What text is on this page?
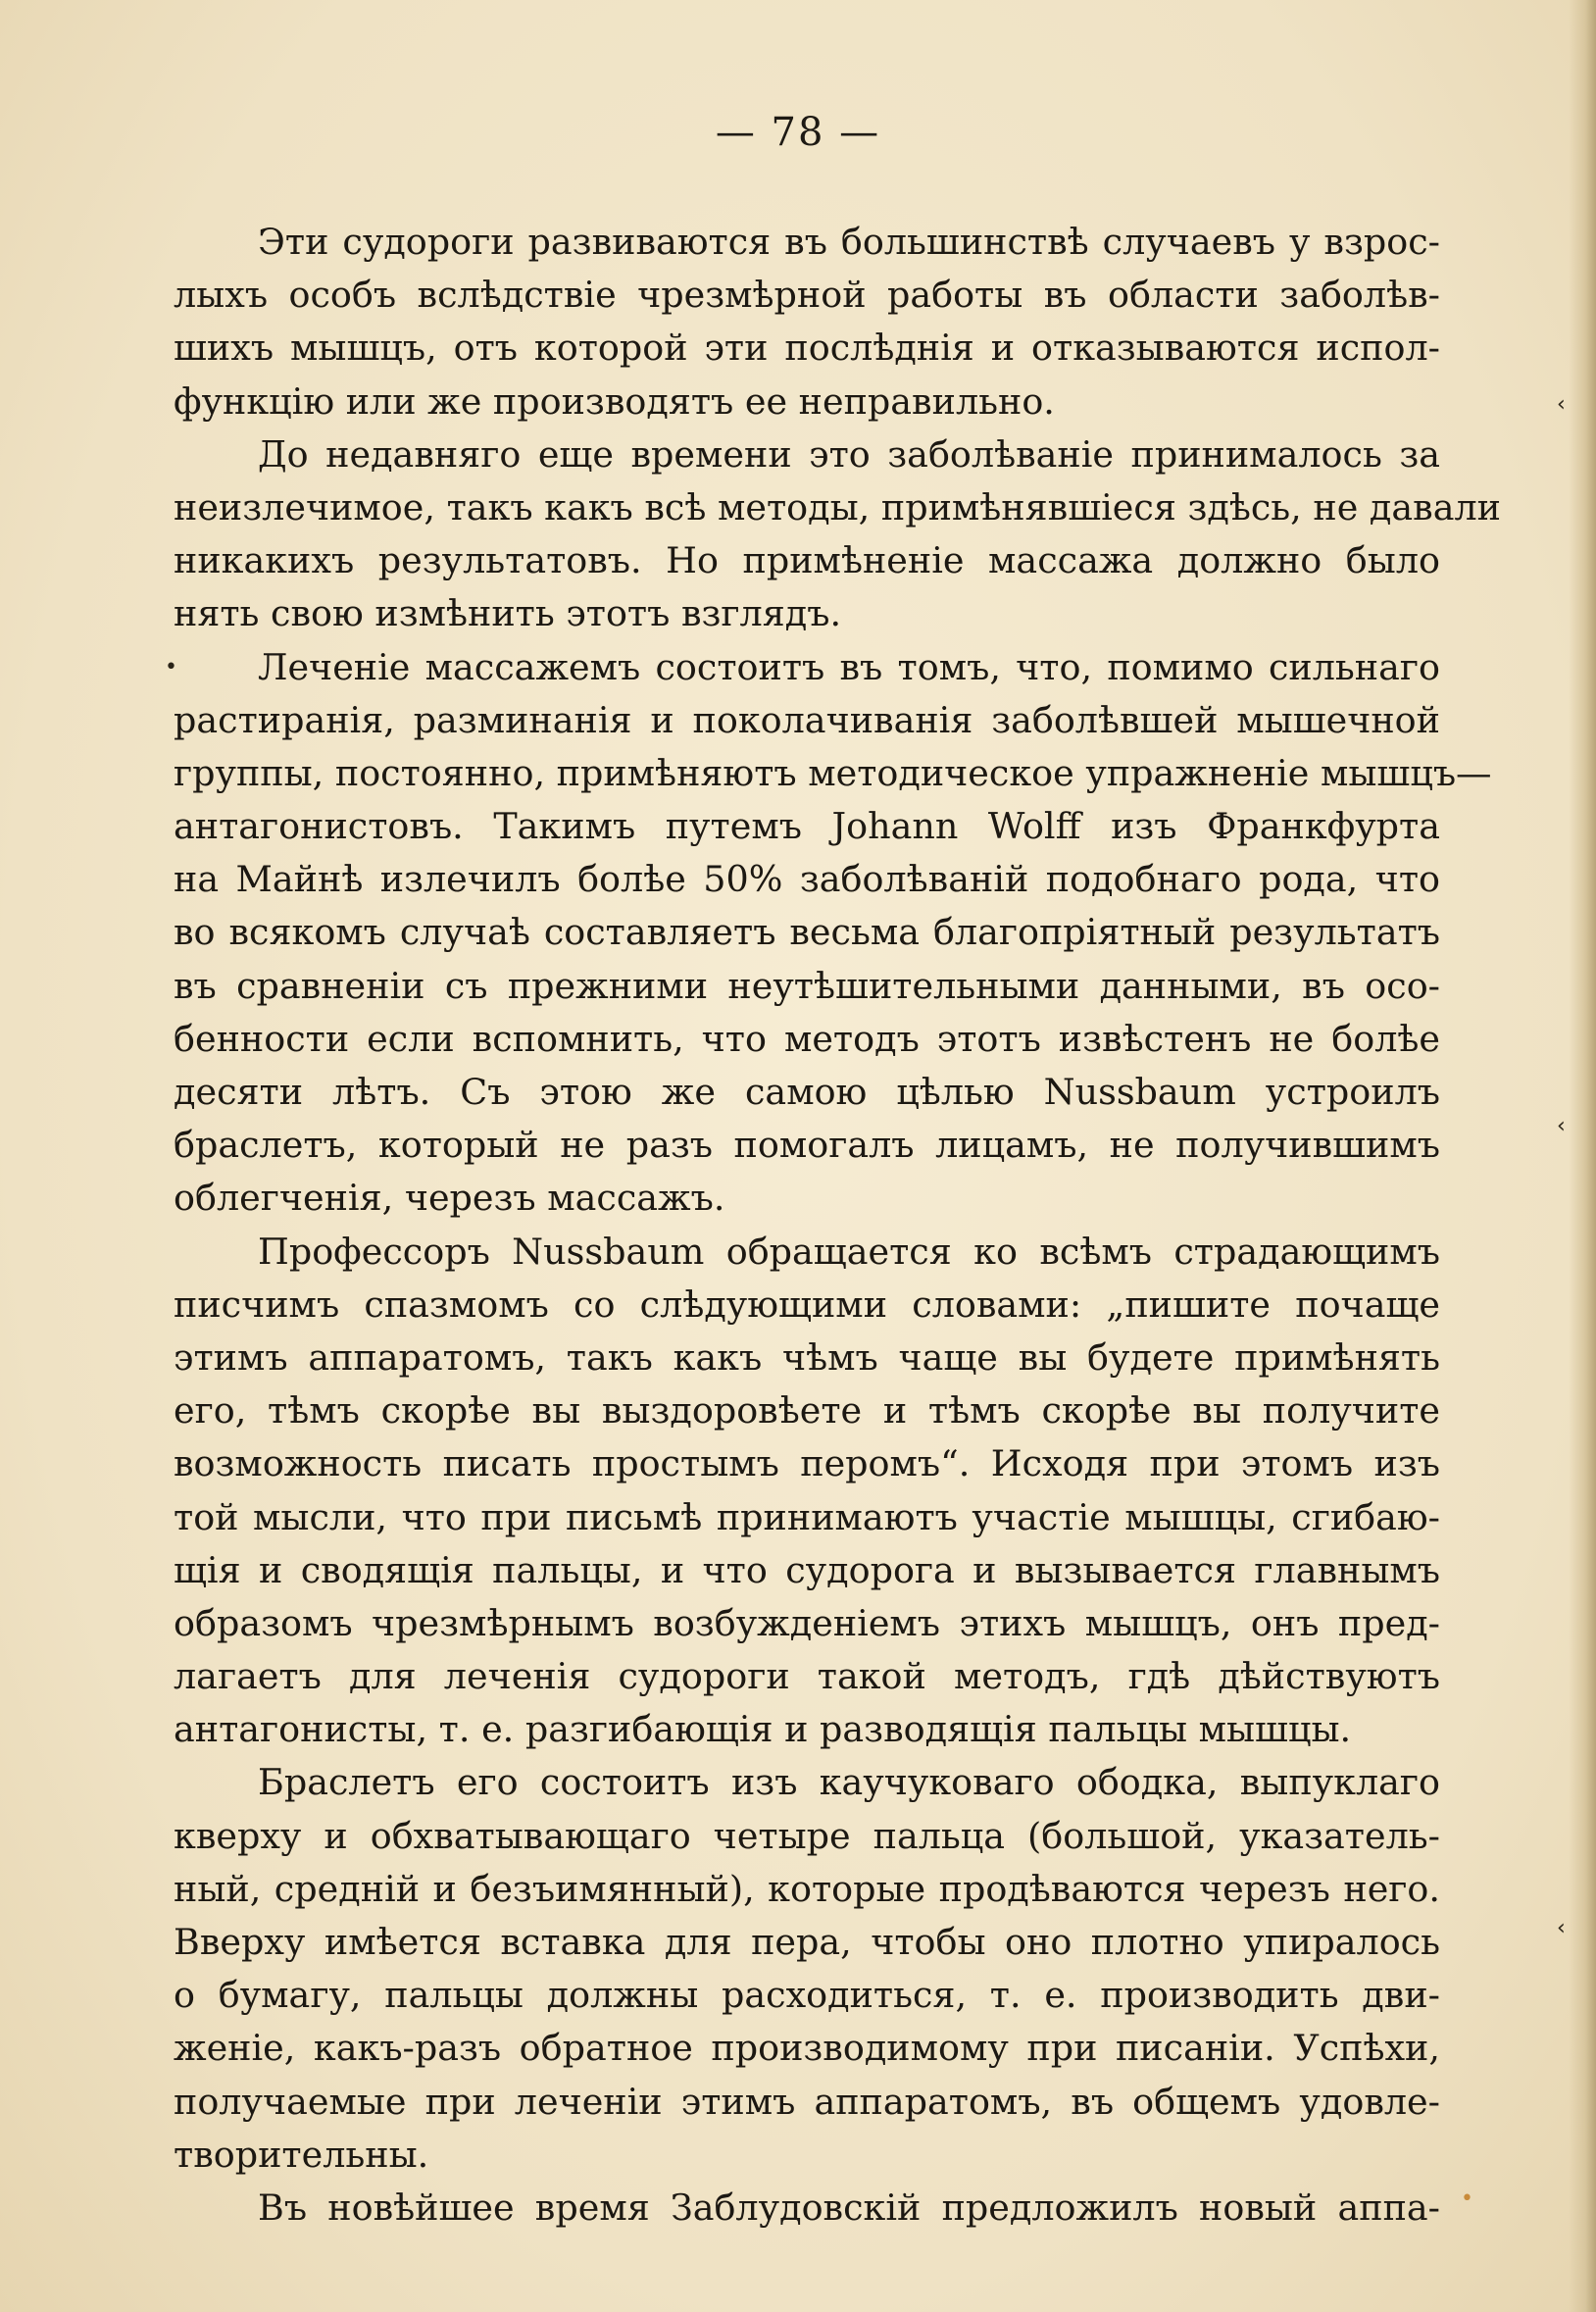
— 78 —
Эти судороги развиваются въ большинствѣ случаевъ у взрос-
лыхъ особъ вслѣдствіе чрезмѣрной работы въ области заболѣв-
шихъ мышцъ, отъ которой эти послѣднія и отказываются испол-
функцію или же производятъ ее неправильно.
До недавняго еще времени это заболѣваніе принималось за
неизлечимое, такъ какъ всѣ методы, примѣнявшіеся здѣсь, не давали
никакихъ результатовъ. Но примѣненіе массажа должно было
нять свою измѣнить этотъ взглядъ.
Леченіе массажемъ состоитъ въ томъ, что, помимо сильнаго
растиранія, разминанія и поколачиванія заболѣвшей мышечной
группы, постоянно, примѣняютъ методическое упражненіе мышцъ—
антагонистовъ. Такимъ путемъ Johann Wolff изъ Франкфурта
на Майнѣ излечилъ болѣе 50% заболѣваній подобнаго рода, что
во всякомъ случаѣ составляетъ весьма благопріятный результатъ
въ сравненіи съ прежними неутѣшительными данными, въ осо-
бенности если вспомнить, что методъ этотъ извѣстенъ не болѣе
десяти лѣтъ. Съ этою же самою цѣлью Nussbaum устроилъ
браслетъ, который не разъ помогалъ лицамъ, не получившимъ
облегченія, черезъ массажъ.
Профессоръ Nussbaum обращается ко всѣмъ страдающимъ
писчимъ спазмомъ со слѣдующими словами: „пишите почаще
этимъ аппаратомъ, такъ какъ чѣмъ чаще вы будете примѣнять
его, тѣмъ скорѣе вы выздоровѣете и тѣмъ скорѣе вы получите
возможность писать простымъ перомъ“. Исходя при этомъ изъ
той мысли, что при письмѣ принимаютъ участіе мышцы, сгибаю-
щія и сводящія пальцы, и что судорога и вызывается главнымъ
образомъ чрезмѣрнымъ возбужденіемъ этихъ мышцъ, онъ пред-
лагаетъ для леченія судороги такой методъ, гдѣ дѣйствуютъ
антагонисты, т. е. разгибающія и разводящія пальцы мышцы.
Браслетъ его состоитъ изъ каучуковаго ободка, выпуклаго
кверху и обхватывающаго четыре пальца (большой, указатель-
ный, средній и безъимянный), которые продѣваются черезъ него.
Вверху имѣется вставка для пера, чтобы оно плотно упиралось
о бумагу, пальцы должны расходиться, т. е. производить дви-
женіе, какъ-разъ обратное производимому при писаніи. Успѣхи,
получаемые при леченіи этимъ аппаратомъ, въ общемъ удовле-
творительны.
Въ новѣйшее время Заблудовскій предложилъ новый аппа-
•
‹
‹
‹
•
